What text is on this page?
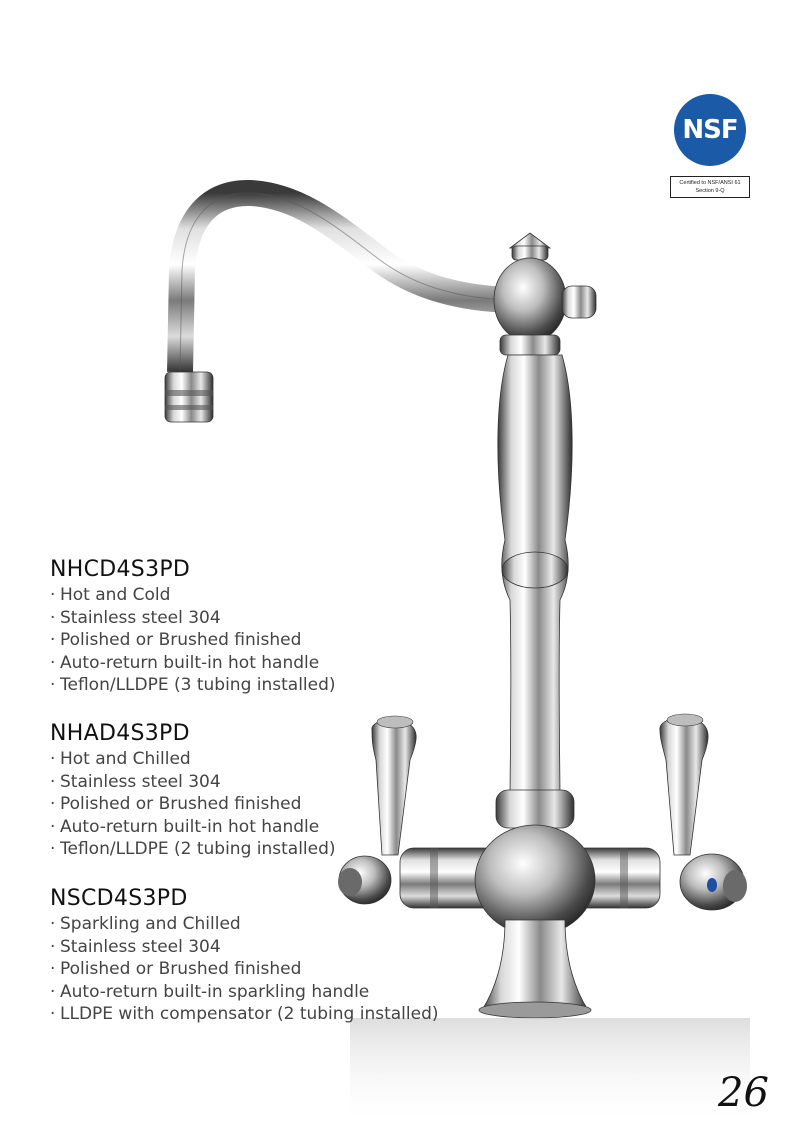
NSF
Certified to NSF/ANSI 61
Section 9-Q
NHCD4S3PD
· Hot and Cold
· Stainless steel 304
· Polished or Brushed finished
· Auto-return built-in hot handle
· Teflon/LLDPE (3 tubing installed)
NHAD4S3PD
· Hot and Chilled
· Stainless steel 304
· Polished or Brushed finished
· Auto-return built-in hot handle
· Teflon/LLDPE (2 tubing installed)
NSCD4S3PD
· Sparkling and Chilled
· Stainless steel 304
· Polished or Brushed finished
· Auto-return built-in sparkling handle
· LLDPE with compensator (2 tubing installed)
26
